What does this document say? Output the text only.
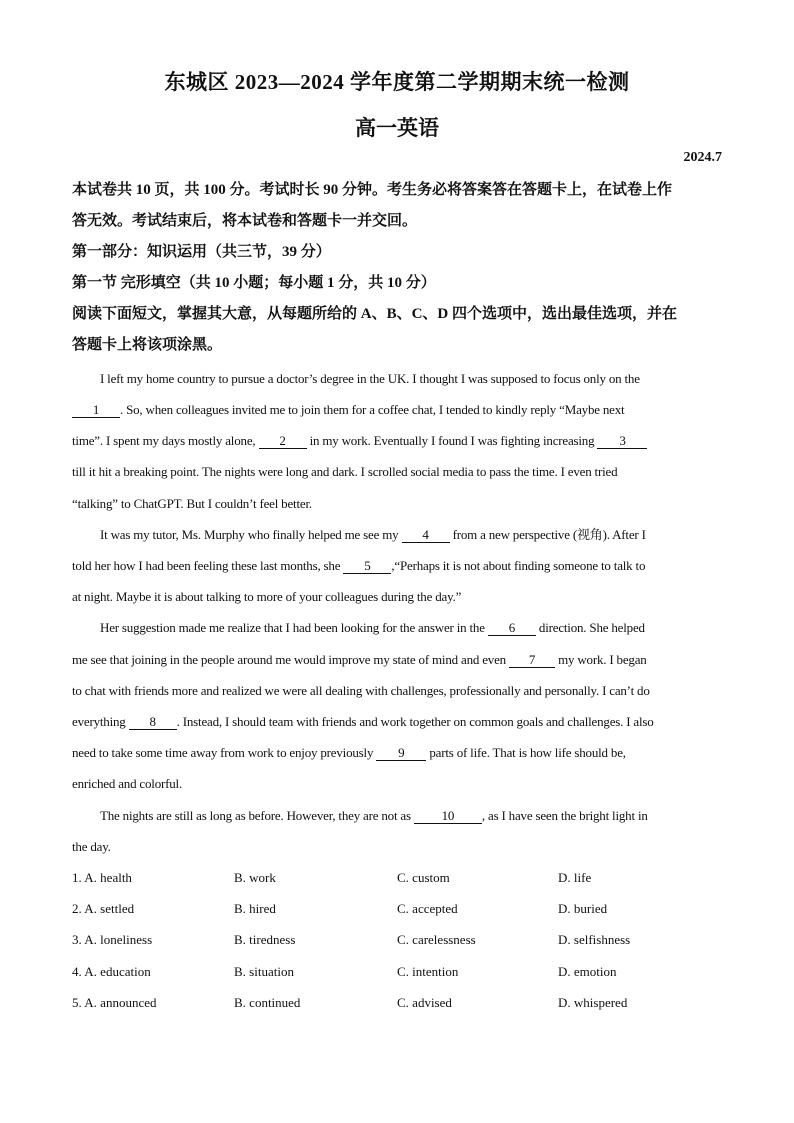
东城区 2023—2024 学年度第二学期期末统一检测
高一英语
2024.7
本试卷共 10 页，共 100 分。考试时长 90 分钟。考生务必将答案答在答题卡上，在试卷上作
答无效。考试结束后，将本试卷和答题卡一并交回。
第一部分：知识运用（共三节，39 分）
第一节 完形填空（共 10 小题；每小题 1 分，共 10 分）
阅读下面短文，掌握其大意，从每题所给的 A、B、C、D 四个选项中，选出最佳选项，并在
答题卡上将该项涂黑。
I left my home country to pursue a doctor’s degree in the UK. I thought I was supposed to focus only on the
1 . So, when colleagues invited me to join them for a coffee chat, I tended to kindly reply “Maybe next
time”. I spent my days mostly alone, 2 in my work. Eventually I found I was fighting increasing 3
till it hit a breaking point. The nights were long and dark. I scrolled social media to pass the time. I even tried
“talking” to ChatGPT. But I couldn’t feel better.
It was my tutor, Ms. Murphy who finally helped me see my 4 from a new perspective (视角). After I
told her how I had been feeling these last months, she 5 ,“Perhaps it is not about finding someone to talk to
at night. Maybe it is about talking to more of your colleagues during the day.”
Her suggestion made me realize that I had been looking for the answer in the 6 direction. She helped
me see that joining in the people around me would improve my state of mind and even 7 my work. I began
to chat with friends more and realized we were all dealing with challenges, professionally and personally. I can’t do
everything 8 . Instead, I should team with friends and work together on common goals and challenges. I also
need to take some time away from work to enjoy previously 9 parts of life. That is how life should be,
enriched and colorful.
The nights are still as long as before. However, they are not as 10 , as I have seen the bright light in
the day.
1. A. health	B. work	C. custom	D. life
2. A. settled	B. hired	C. accepted	D. buried
3. A. loneliness	B. tiredness	C. carelessness	D. selfishness
4. A. education	B. situation	C. intention	D. emotion
5. A. announced	B. continued	C. advised	D. whispered
